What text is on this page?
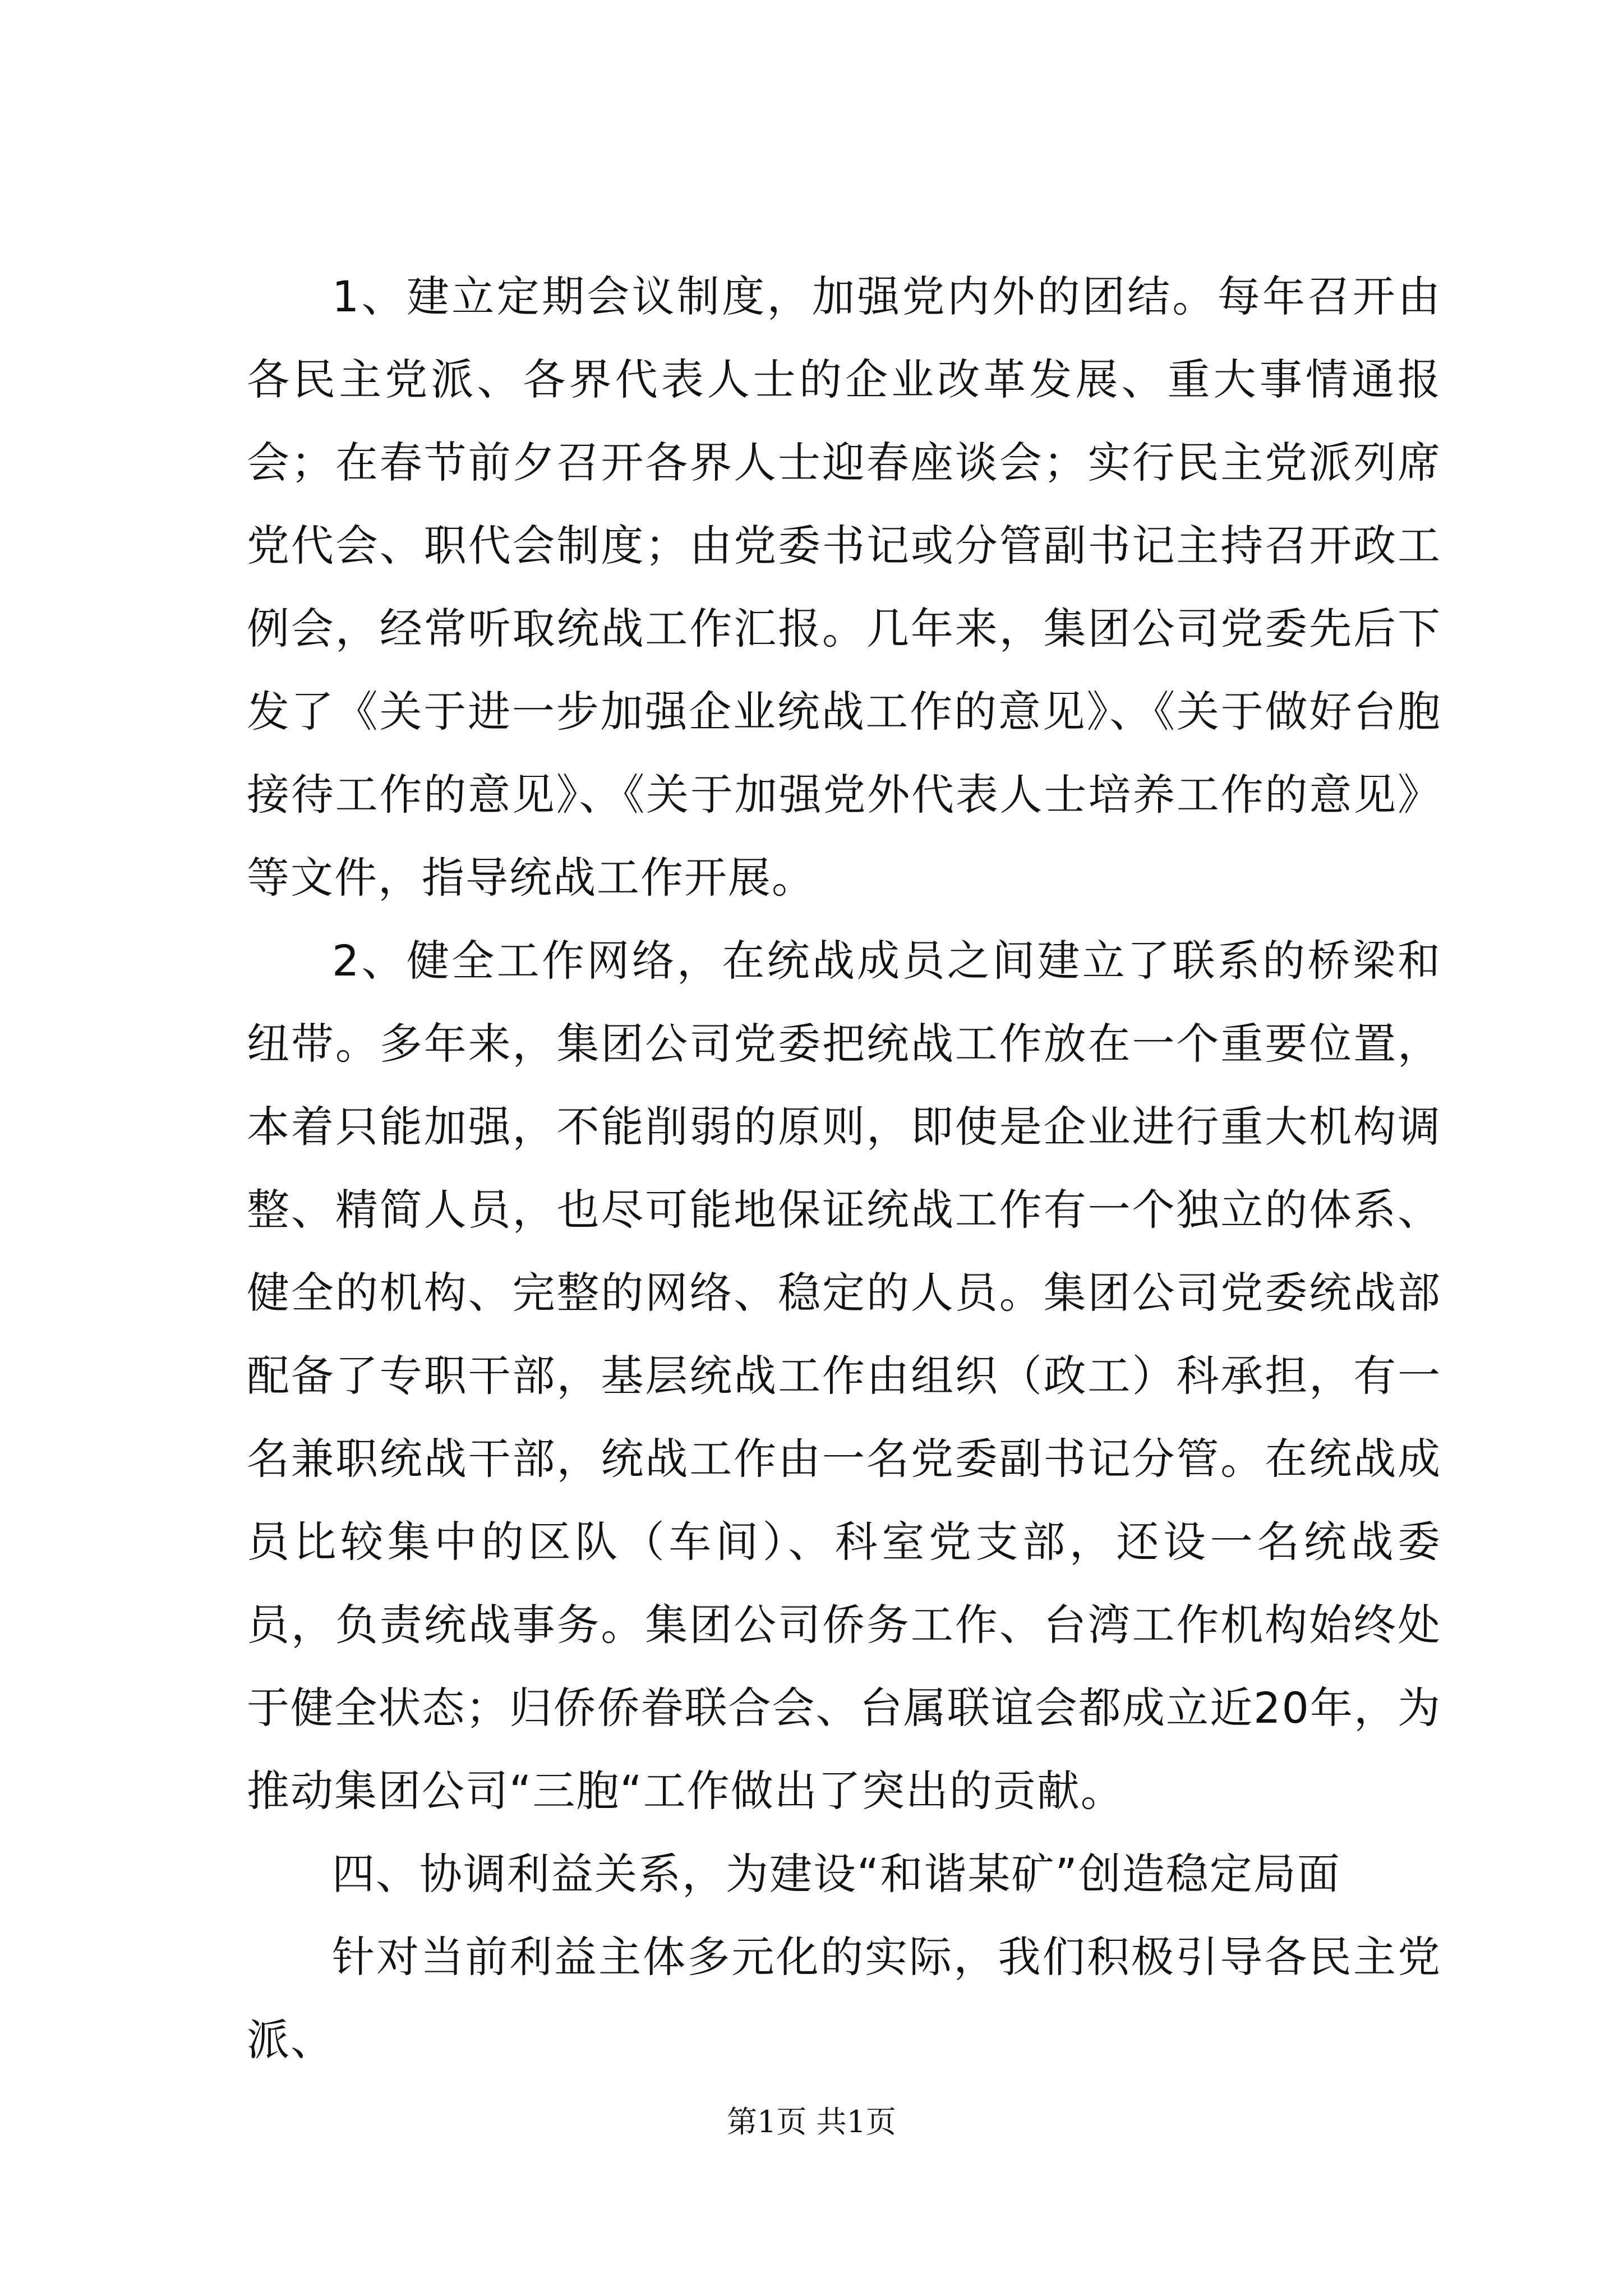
1、建立定期会议制度，加强党内外的团结。每年召开由各民主党派、各界代表人士的企业改革发展、重大事情通报会；在春节前夕召开各界人士迎春座谈会；实行民主党派列席党代会、职代会制度；由党委书记或分管副书记主持召开政工例会，经常听取统战工作汇报。几年来，集团公司党委先后下发了《关于进一步加强企业统战工作的意见》、《关于做好台胞接待工作的意见》、《关于加强党外代表人士培养工作的意见》等文件，指导统战工作开展。

2、健全工作网络，在统战成员之间建立了联系的桥梁和纽带。多年来，集团公司党委把统战工作放在一个重要位置，本着只能加强，不能削弱的原则，即使是企业进行重大机构调整、精简人员，也尽可能地保证统战工作有一个独立的体系、健全的机构、完整的网络、稳定的人员。集团公司党委统战部配备了专职干部，基层统战工作由组织（政工）科承担，有一名兼职统战干部，统战工作由一名党委副书记分管。在统战成员比较集中的区队（车间）、科室党支部，还设一名统战委员，负责统战事务。集团公司侨务工作、台湾工作机构始终处于健全状态；归侨侨眷联合会、台属联谊会都成立近20年，为推动集团公司“三胞“工作做出了突出的贡献。

四、协调利益关系，为建设“和谐某矿”创造稳定局面

针对当前利益主体多元化的实际，我们积极引导各民主党派、

第1页 共1页
